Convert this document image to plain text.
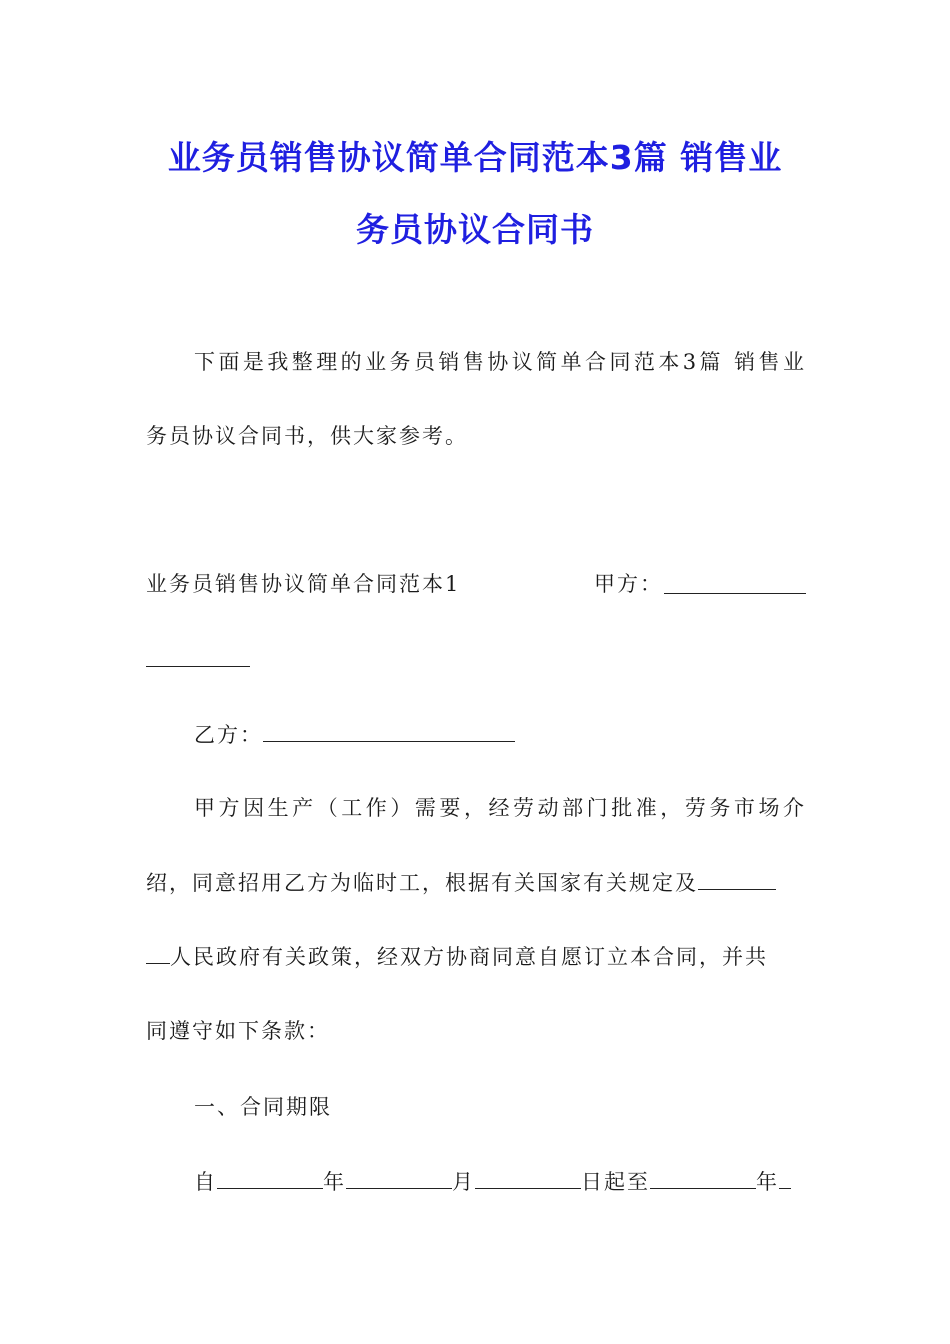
业务员销售协议简单合同范本3篇 销售业
务员协议合同书
下面是我整理的业务员销售协议简单合同范本3篇 销售业
务员协议合同书，供大家参考。
业务员销售协议简单合同范本1	甲方：
乙方：
甲方因生产（工作）需要，经劳动部门批准，劳务市场介
绍，同意招用乙方为临时工，根据有关国家有关规定及
人民政府有关政策，经双方协商同意自愿订立本合同，并共
同遵守如下条款：
一、合同期限
自	年	月	日起至	年
